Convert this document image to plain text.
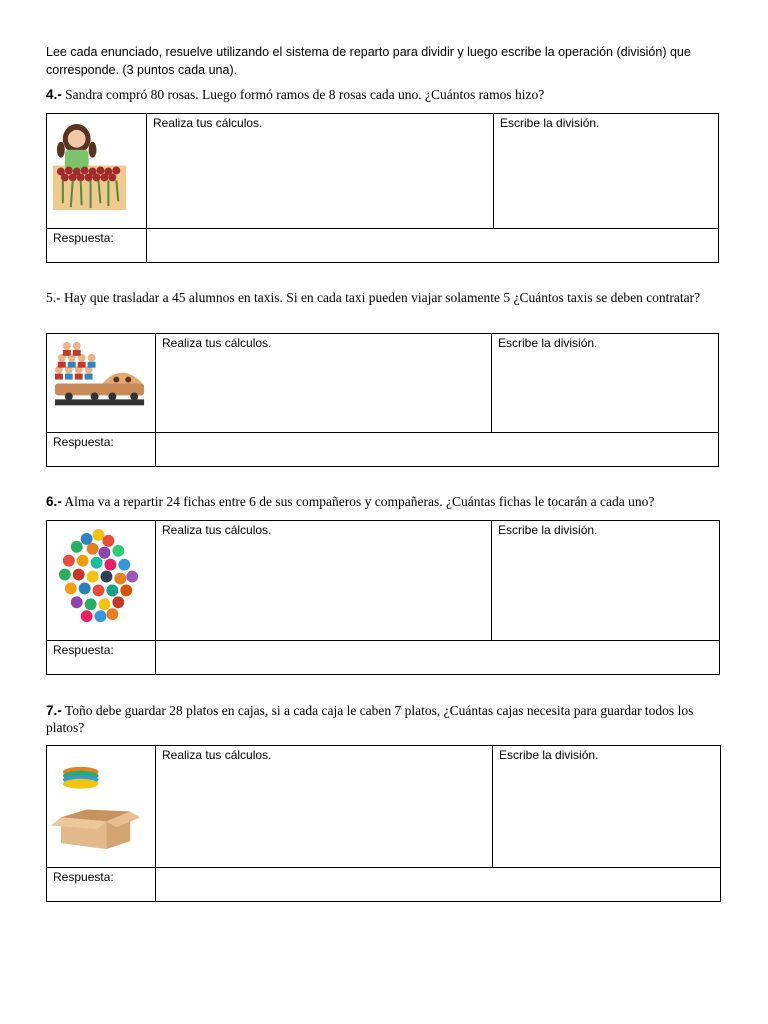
Lee cada enunciado, resuelve utilizando el sistema de reparto para dividir y luego escribe la operación (división) que corresponde. (3 puntos cada una).
4.- Sandra compró 80 rosas. Luego formó ramos de 8 rosas cada uno. ¿Cuántos ramos hizo?

Realiza tus cálculos.	Escribe la división.

Respuesta:		

5.- Hay que trasladar a 45 alumnos en taxis. Si en cada taxi pueden viajar solamente 5 ¿Cuántos taxis se deben contratar?

Realiza tus cálculos.	Escribe la división.

Respuesta:		

6.- Alma va a repartir 24 fichas entre 6 de sus compañeros y compañeras. ¿Cuántas fichas le tocarán a cada uno?

Realiza tus cálculos.	Escribe la división.

Respuesta:		

7.- Toño debe guardar 28 platos en cajas, si a cada caja le caben 7 platos, ¿Cuántas cajas necesita para guardar todos los platos?

Realiza tus cálculos.	Escribe la división.

Respuesta:		
